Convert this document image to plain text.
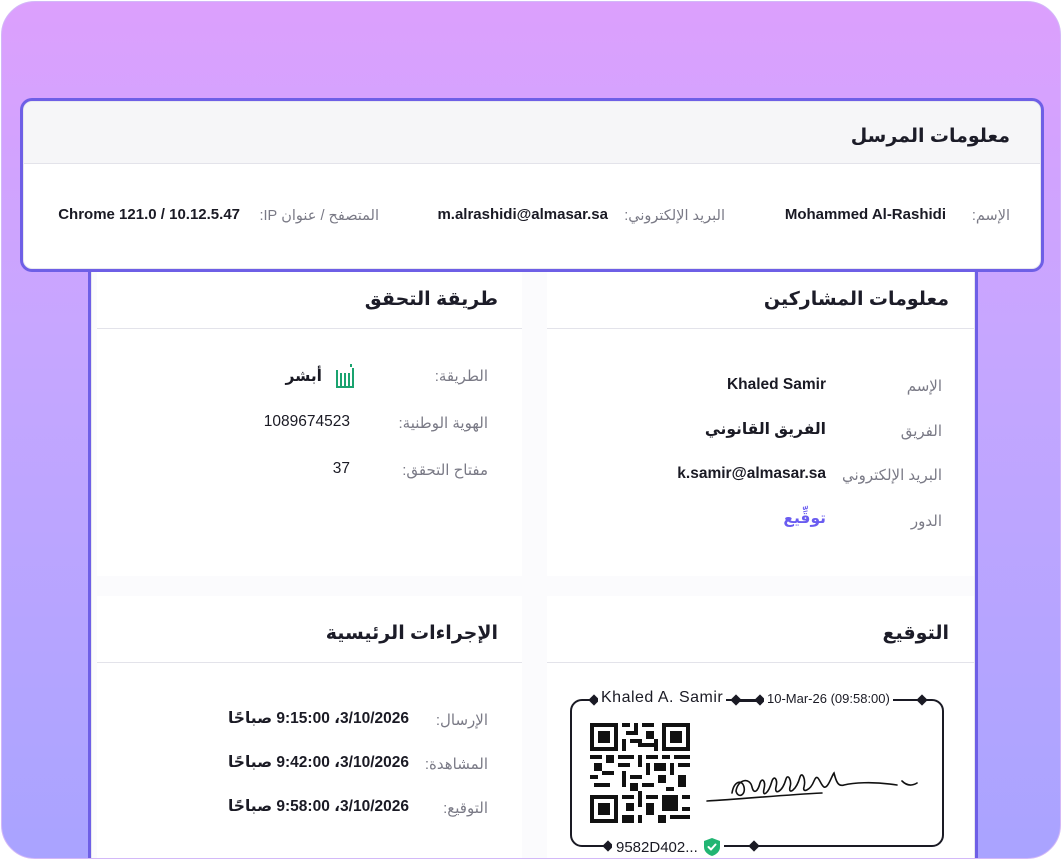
معلومات المشاركين
الإسم
Khaled Samir
الفريق
الفريق القانوني
البريد الإلكتروني
k.samir@almasar.sa
الدور
توقِّيع
طريقة التحقق
الطريقة:
أبشر
الهوية الوطنية:
1089674523
مفتاح التحقق:
37
التوقيع
الإجراءات الرئيسية
الإرسال:
3/10/2026، 9:15:00 صباحًا
المشاهدة:
3/10/2026، 9:42:00 صباحًا
التوقيع:
3/10/2026، 9:58:00 صباحًا
Khaled A. Samir	10-Mar-26 (09:58:00)
9582D402...
معلومات المرسل
الإسم:
Mohammed Al-Rashidi
البريد الإلكتروني:
m.alrashidi@almasar.sa
المتصفح / عنوان IP:
Chrome 121.0 / 10.12.5.47
